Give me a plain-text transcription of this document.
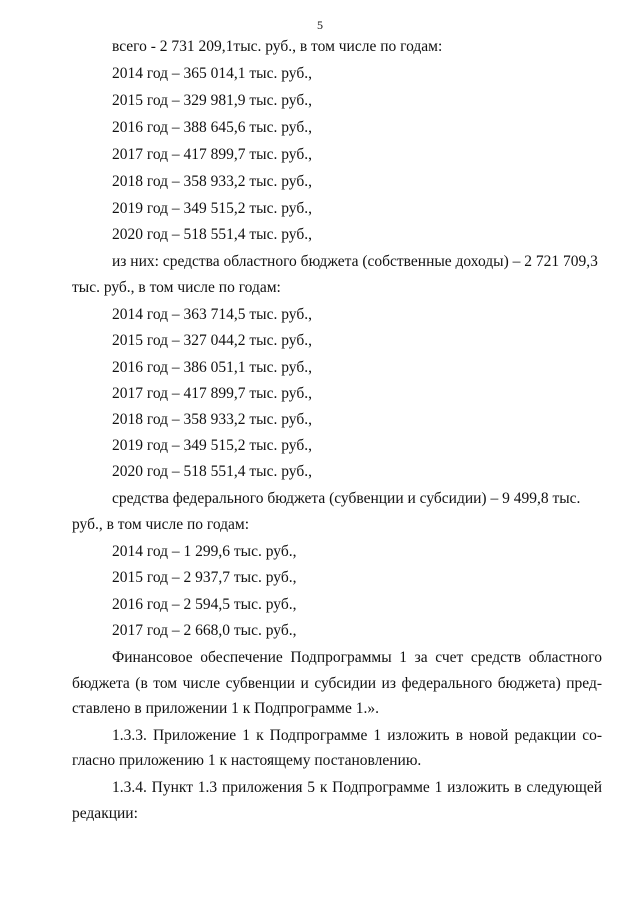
5
всего - 2 731 209,1тыс. руб., в том числе по годам:
2014 год – 365 014,1 тыс. руб.,
2015 год – 329 981,9 тыс. руб.,
2016 год – 388 645,6 тыс. руб.,
2017 год – 417 899,7 тыс. руб.,
2018 год – 358 933,2 тыс. руб.,
2019 год – 349 515,2 тыс. руб.,
2020 год – 518 551,4 тыс. руб.,
из них: средства областного бюджета (собственные доходы) – 2 721 709,3
тыс. руб., в том числе по годам:
2014 год – 363 714,5 тыс. руб.,
2015 год – 327 044,2 тыс. руб.,
2016 год – 386 051,1 тыс. руб.,
2017 год – 417 899,7 тыс. руб.,
2018 год – 358 933,2 тыс. руб.,
2019 год – 349 515,2 тыс. руб.,
2020 год – 518 551,4 тыс. руб.,
средства федерального бюджета (субвенции и субсидии) – 9 499,8 тыс.
руб., в том числе по годам:
2014 год – 1 299,6 тыс. руб.,
2015 год – 2 937,7 тыс. руб.,
2016 год – 2 594,5 тыс. руб.,
2017 год – 2 668,0 тыс. руб.,
Финансовое обеспечение Подпрограммы 1 за счет средств областного
бюджета (в том числе субвенции и субсидии из федерального бюджета) пред-
ставлено в приложении 1 к Подпрограмме 1.».
1.3.3. Приложение 1 к Подпрограмме 1 изложить в новой редакции со-
гласно приложению 1 к настоящему постановлению.
1.3.4. Пункт 1.3 приложения 5 к Подпрограмме 1 изложить в следующей
редакции:
